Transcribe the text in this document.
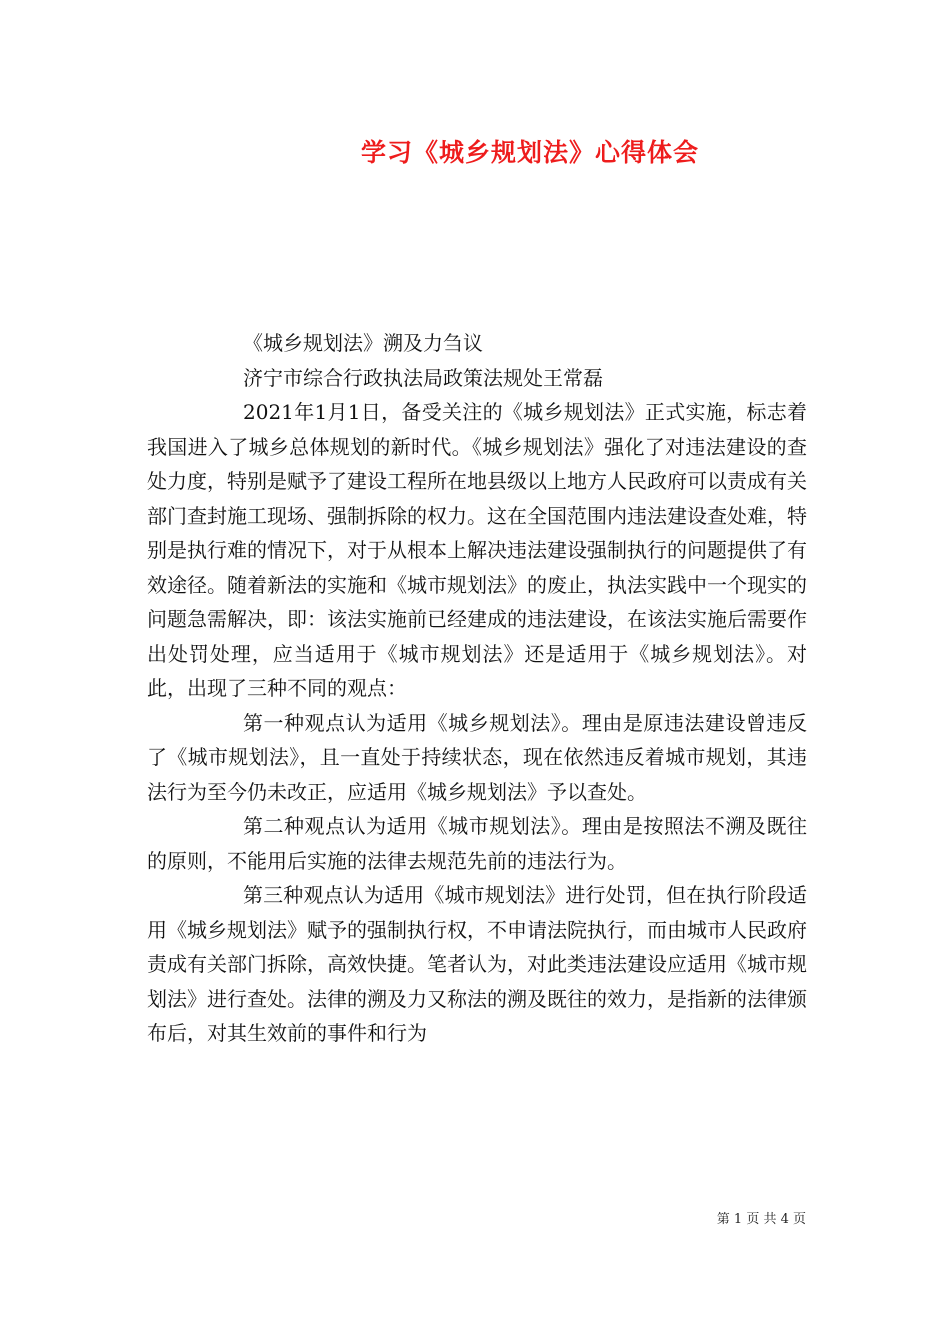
学习《城乡规划法》心得体会

《城乡规划法》溯及力刍议

济宁市综合行政执法局政策法规处王常磊

2021年1月1日，备受关注的《城乡规划法》正式实施，标志着我国进入了城乡总体规划的新时代。《城乡规划法》强化了对违法建设的查处力度，特别是赋予了建设工程所在地县级以上地方人民政府可以责成有关部门查封施工现场、强制拆除的权力。这在全国范围内违法建设查处难，特别是执行难的情况下，对于从根本上解决违法建设强制执行的问题提供了有效途径。随着新法的实施和《城市规划法》的废止，执法实践中一个现实的问题急需解决，即：该法实施前已经建成的违法建设，在该法实施后需要作出处罚处理，应当适用于《城市规划法》还是适用于《城乡规划法》。对此，出现了三种不同的观点：

第一种观点认为适用《城乡规划法》。理由是原违法建设曾违反了《城市规划法》，且一直处于持续状态，现在依然违反着城市规划，其违法行为至今仍未改正，应适用《城乡规划法》予以查处。

第二种观点认为适用《城市规划法》。理由是按照法不溯及既往的原则，不能用后实施的法律去规范先前的违法行为。

第三种观点认为适用《城市规划法》进行处罚，但在执行阶段适用《城乡规划法》赋予的强制执行权，不申请法院执行，而由城市人民政府责成有关部门拆除，高效快捷。笔者认为，对此类违法建设应适用《城市规划法》进行查处。法律的溯及力又称法的溯及既往的效力，是指新的法律颁布后，对其生效前的事件和行为

第 1 页 共 4 页
